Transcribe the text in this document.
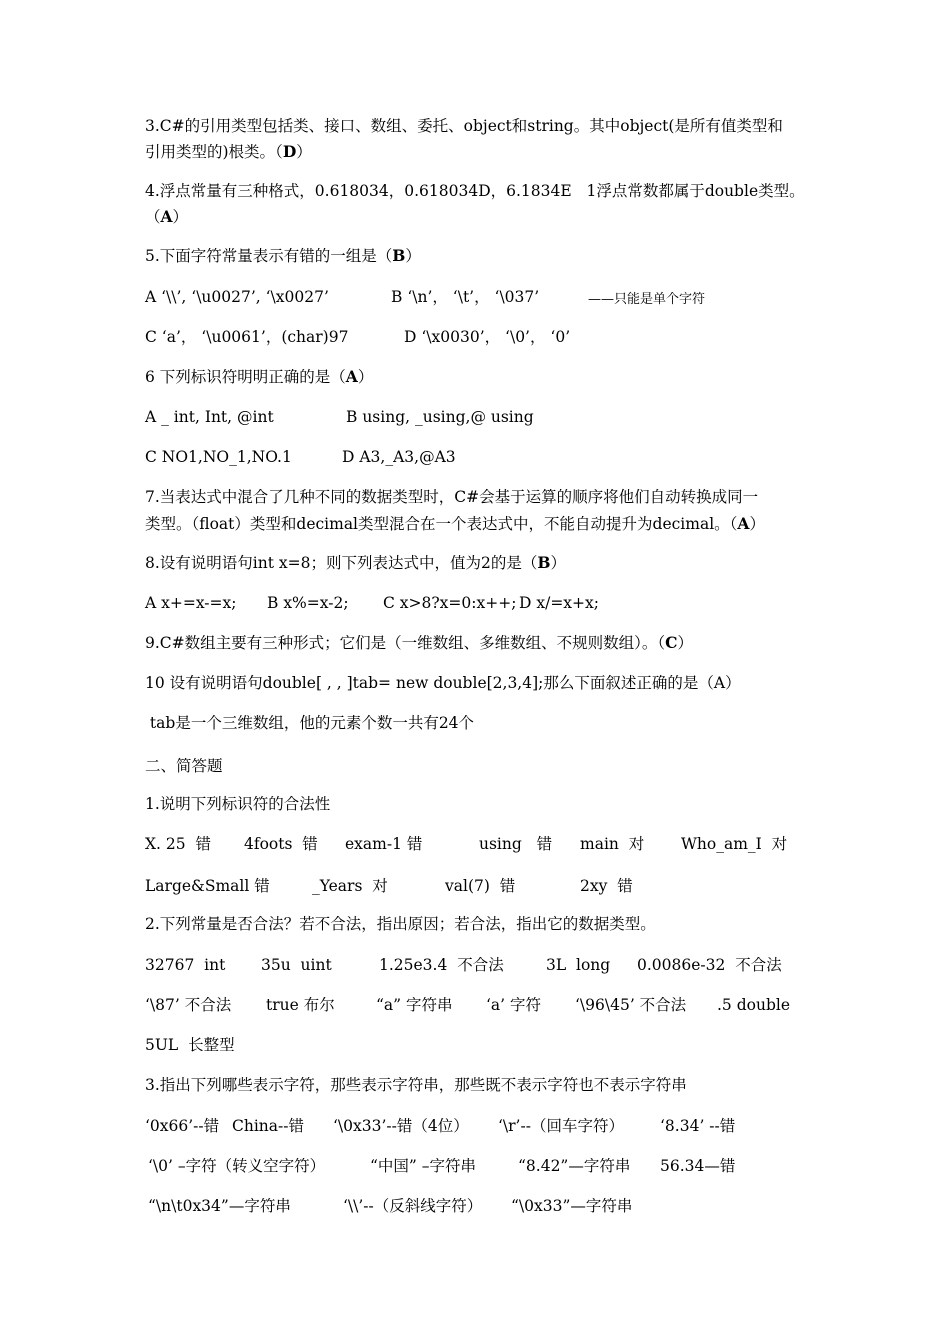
3.C#的引用类型包括类、接口、数组、委托、object和string。其中object(是所有值类型和
引用类型的)根类。（D）
4.浮点常量有三种格式，0.618034，0.618034D，6.1834E   1浮点常数都属于double类型。
（A）
5.下面字符常量表示有错的一组是（B）
A ‘\\’, ‘\u0027’, ‘\x0027’	B ‘\n’， ‘\t’， ‘\037’	——只能是单个字符
C ‘a’， ‘\u0061’，(char)97	D ‘\x0030’， ‘\0’， ‘0’
6 下列标识符明明正确的是（A）
A _ int, Int, @int	B using, _using,@ using
C NO1,NO_1,NO.1	D A3,_A3,@A3
7.当表达式中混合了几种不同的数据类型时，C#会基于运算的顺序将他们自动转换成同一
类型。（float）类型和decimal类型混合在一个表达式中，不能自动提升为decimal。（A）
8.设有说明语句int x=8；则下列表达式中，值为2的是（B）
A x+=x-=x; B x%=x-2; C x>8?x=0:x++; D x/=x+x;
9.C#数组主要有三种形式；它们是（一维数组、多维数组、不规则数组）。（C）
10 设有说明语句double[ , , ]tab= new double[2,3,4];那么下面叙述正确的是（A）
tab是一个三维数组，他的元素个数一共有24个
二、简答题
1.说明下列标识符的合法性
X. 25  错 4foots  错 exam-1 错	using   错 main  对 Who_am_I  对
Large&Small 错	_Years  对	val(7)  错	2xy  错
2.下列常量是否合法？若不合法，指出原因；若合法，指出它的数据类型。
32767  int 35u  uint	1.25e3.4  不合法	3L  long 0.0086e-32  不合法
‘\87’ 不合法 true 布尔	“a” 字符串 ‘a’ 字符 ‘\96\45’ 不合法 .5 double
5UL  长整型
3.指出下列哪些表示字符，那些表示字符串，那些既不表示字符也不表示字符串
‘0x66’--错 China--错 ‘\0x33’--错（4位） ‘\r’--（回车字符） ‘8.34’ --错
‘\0’ –字符（转义空字符）	“中国” –字符串	“8.42”—字符串 56.34—错
“\n\t0x34”—字符串	‘\\’--（反斜线字符） “\0x33”—字符串
